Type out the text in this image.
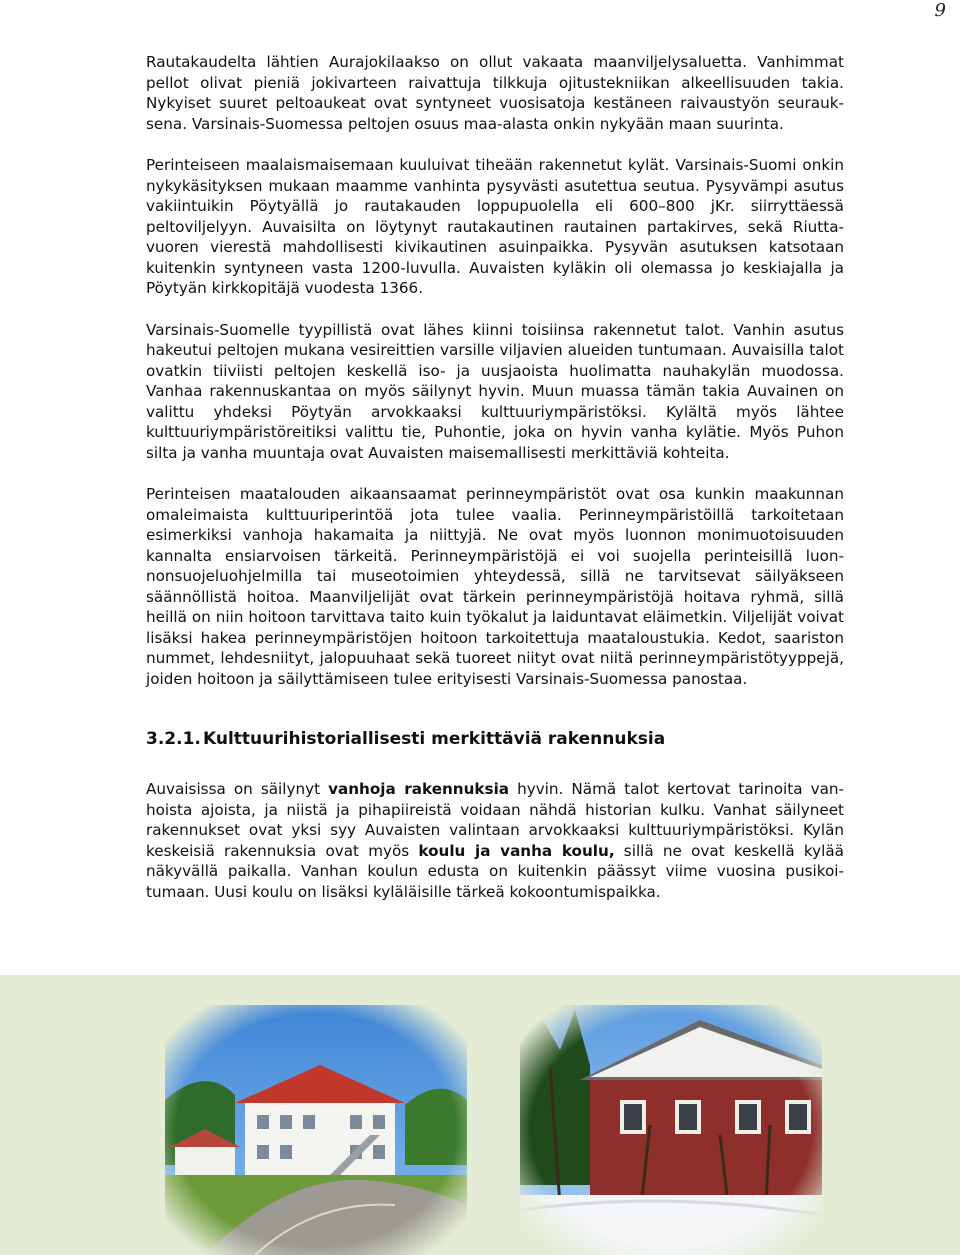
9

Rautakaudelta lähtien Aurajokilaakso on ollut vakaata maanviljelysaluetta. Vanhimmat pellot olivat pieniä jokivarteen raivattuja tilkkuja ojitustekniikan alkeellisuuden takia. Nykyiset suuret peltoaukeat ovat syntyneet vuosisatoja kestäneen raivaustyön seurauksena. Varsinais-Suomessa peltojen osuus maa-alasta onkin nykyään maan suurinta.

Perinteiseen maalaismaisemaan kuuluivat tiheään rakennetut kylät. Varsinais-Suomi onkin nykykäsityksen mukaan maamme vanhinta pysyvästi asutettua seutua. Pysyvämpi asutus vakiintuikin Pöytyällä jo rautakauden loppupuolella eli 600–800 jKr. siirryttäessä peltoviljelyyn. Auvaisilta on löytynyt rautakautinen rautainen partakirves, sekä Riuttavuoren vierestä mahdollisesti kivikautinen asuinpaikka. Pysyvän asutuksen katsotaan kuitenkin syntyneen vasta 1200-luvulla. Auvaisten kyläkin oli olemassa jo keskiajalla ja Pöytyän kirkkopitäjä vuodesta 1366.

Varsinais-Suomelle tyypillistä ovat lähes kiinni toisiinsa rakennetut talot. Vanhin asutus hakeutui peltojen mukana vesireittien varsille viljavien alueiden tuntumaan. Auvaisilla talot ovatkin tiiviisti peltojen keskellä iso- ja uusjaoista huolimatta nauhakylän muodossa. Vanhaa rakennuskantaa on myös säilynyt hyvin. Muun muassa tämän takia Auvainen on valittu yhdeksi Pöytyän arvokkaaksi kulttuuriympäristöksi. Kylältä myös lähtee kulttuuriympäristöreitiksi valittu tie, Puhontie, joka on hyvin vanha kylätie. Myös Puhon silta ja vanha muuntaja ovat Auvaisten maisemallisesti merkittäviä kohteita.

Perinteisen maatalouden aikaansaamat perinneympäristöt ovat osa kunkin maakunnan omaleimaista kulttuuriperintöä jota tulee vaalia. Perinneympäristöillä tarkoitetaan esimerkiksi vanhoja hakamaita ja niittyjä. Ne ovat myös luonnon monimuotoisuuden kannalta ensiarvoisen tärkeitä. Perinneympäristöjä ei voi suojella perinteisillä luonnonsuojeluohjelmilla tai museotoimien yhteydessä, sillä ne tarvitsevat säilyäkseen säännöllistä hoitoa. Maanviljelijät ovat tärkein perinneympäristöjä hoitava ryhmä, sillä heillä on niin hoitoon tarvittava taito kuin työkalut ja laiduntavat eläimetkin. Viljelijät voivat lisäksi hakea perinneympäristöjen hoitoon tarkoitettuja maataloustukia. Kedot, saariston nummet, lehdesniityt, jalopuuhaat sekä tuoreet niityt ovat niitä perinneympäristötyyppejä, joiden hoitoon ja säilyttämiseen tulee erityisesti Varsinais-Suomessa panostaa.

3.2.1. Kulttuurihistoriallisesti merkittäviä rakennuksia

Auvaisissa on säilynyt vanhoja rakennuksia hyvin. Nämä talot kertovat tarinoita vanhoista ajoista, ja niistä ja pihapiireistä voidaan nähdä historian kulku. Vanhat säilyneet rakennukset ovat yksi syy Auvaisten valintaan arvokkaaksi kulttuuriympäristöksi. Kylän keskeisiä rakennuksia ovat myös koulu ja vanha koulu, sillä ne ovat keskellä kylää näkyvällä paikalla. Vanhan koulun edusta on kuitenkin päässyt viime vuosina pusikoitumaan. Uusi koulu on lisäksi kyläläisille tärkeä kokoontumispaikka.
